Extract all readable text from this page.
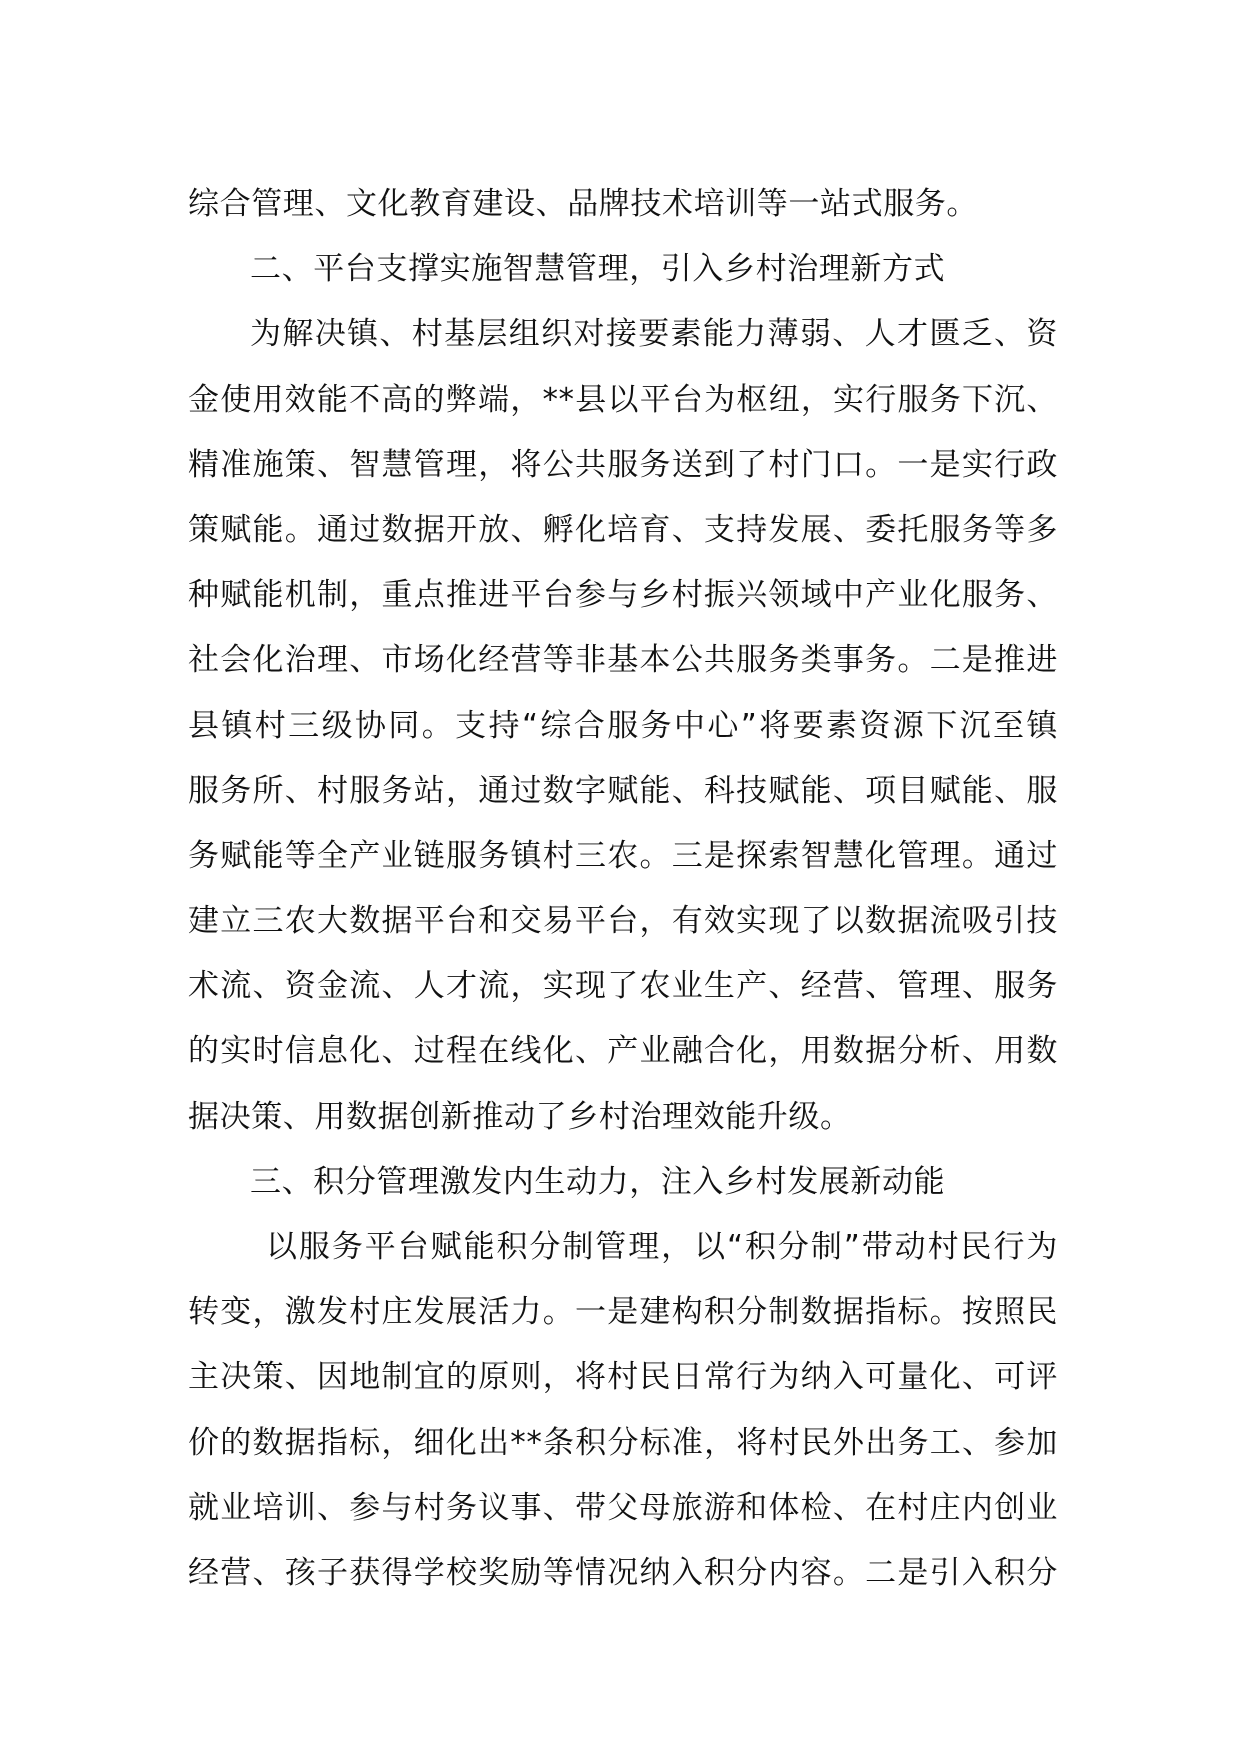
综合管理、文化教育建设、品牌技术培训等一站式服务。
二、平台支撑实施智慧管理，引入乡村治理新方式
为解决镇、村基层组织对接要素能力薄弱、人才匮乏、资
金使用效能不高的弊端，**县以平台为枢纽，实行服务下沉、
精准施策、智慧管理，将公共服务送到了村门口。一是实行政
策赋能。通过数据开放、孵化培育、支持发展、委托服务等多
种赋能机制，重点推进平台参与乡村振兴领域中产业化服务、
社会化治理、市场化经营等非基本公共服务类事务。二是推进
县镇村三级协同。支持“综合服务中心”将要素资源下沉至镇
服务所、村服务站，通过数字赋能、科技赋能、项目赋能、服
务赋能等全产业链服务镇村三农。三是探索智慧化管理。通过
建立三农大数据平台和交易平台，有效实现了以数据流吸引技
术流、资金流、人才流，实现了农业生产、经营、管理、服务
的实时信息化、过程在线化、产业融合化，用数据分析、用数
据决策、用数据创新推动了乡村治理效能升级。
三、积分管理激发内生动力，注入乡村发展新动能
以服务平台赋能积分制管理，以“积分制”带动村民行为
转变，激发村庄发展活力。一是建构积分制数据指标。按照民
主决策、因地制宜的原则，将村民日常行为纳入可量化、可评
价的数据指标，细化出**条积分标准，将村民外出务工、参加
就业培训、参与村务议事、带父母旅游和体检、在村庄内创业
经营、孩子获得学校奖励等情况纳入积分内容。二是引入积分
